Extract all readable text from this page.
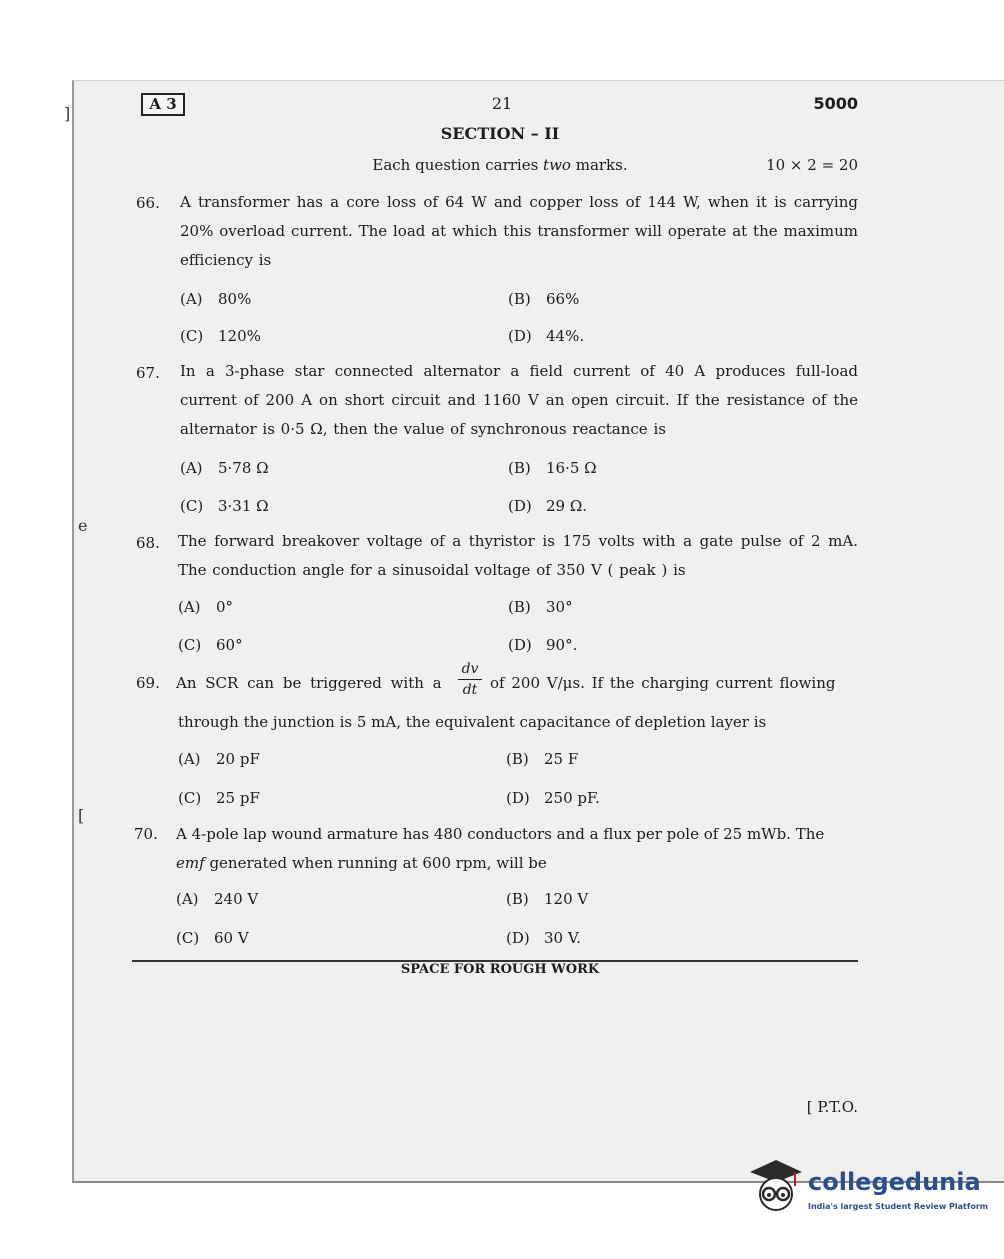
]
e
[
A 3	21	5000
SECTION – II
Each question carries two marks.	10 × 2 = 20
66. A transformer has a core loss of 64 W and copper loss of 144 W, when it is carrying 20% overload current. The load at which this transformer will operate at the maximum efficiency is
(A) 80%	(B) 66%
(C) 120%	(D) 44%.
67. In a 3-phase star connected alternator a field current of 40 A produces full-load current of 200 A on short circuit and 1160 V an open circuit. If the resistance of the alternator is 0·5 Ω, then the value of synchronous reactance is
(A) 5·78 Ω	(B) 16·5 Ω
(C) 3·31 Ω	(D) 29 Ω.
68. The forward breakover voltage of a thyristor is 175 volts with a gate pulse of 2 mA. The conduction angle for a sinusoidal voltage of 350 V ( peak ) is
(A) 0°	(B) 30°
(C) 60°	(D) 90°.
69. An SCR can be triggered with a
dv
dt of 200 V/μs. If the charging current flowing
through the junction is 5 mA, the equivalent capacitance of depletion layer is
(A) 20 pF	(B) 25 F
(C) 25 pF	(D) 250 pF.
70. A 4-pole lap wound armature has 480 conductors and a flux per pole of 25 mWb. The
emf generated when running at 600 rpm, will be
(A) 240 V	(B) 120 V
(C) 60 V	(D) 30 V.
SPACE FOR ROUGH WORK
[ P.T.O.
collegedunia
India's largest Student Review Platform
